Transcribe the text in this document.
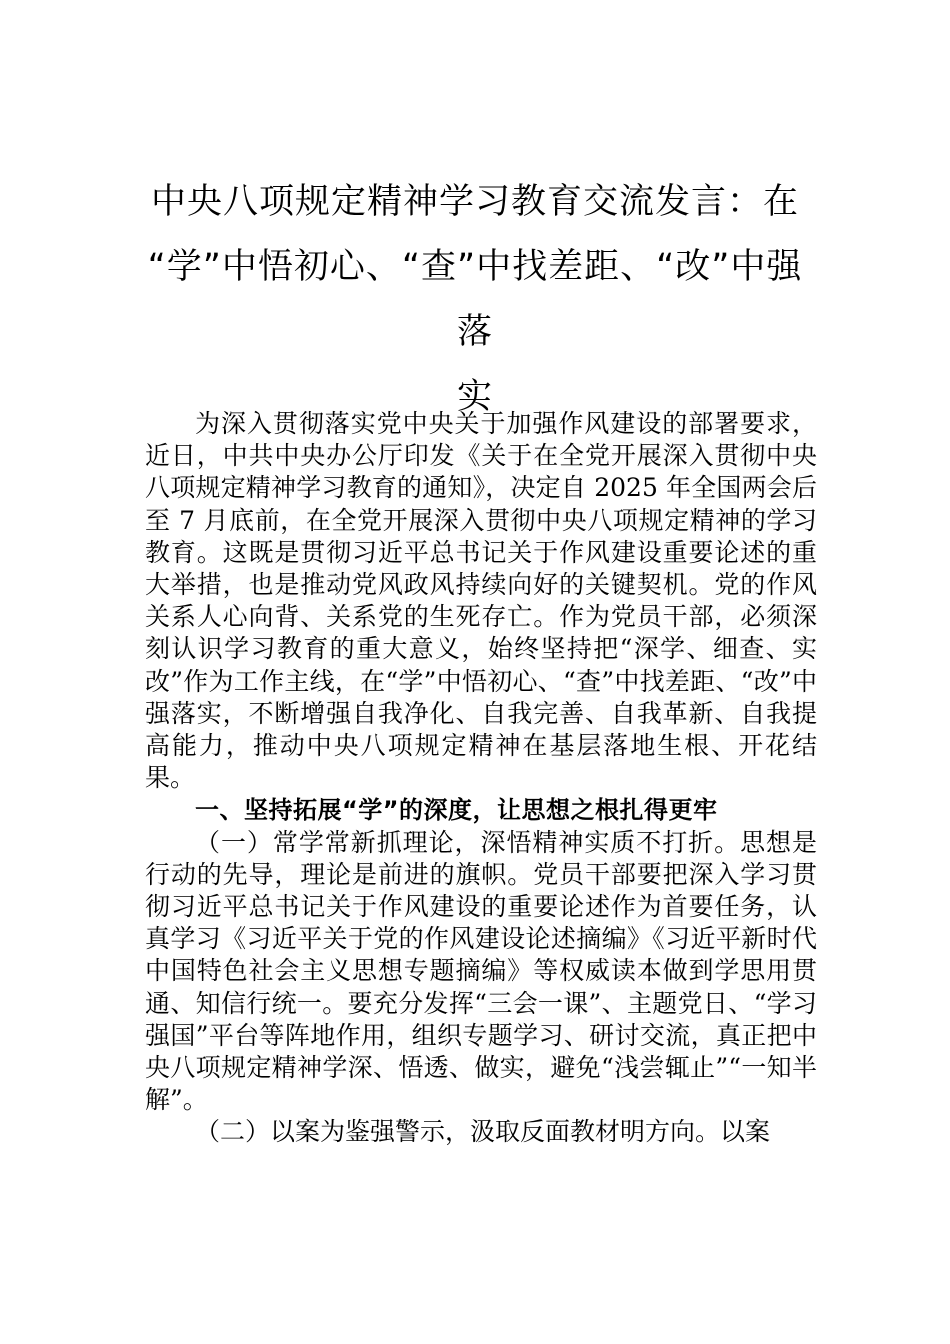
中央八项规定精神学习教育交流发言：在
“学”中悟初心、“查”中找差距、“改”中强落
实

为深入贯彻落实党中央关于加强作风建设的部署要求，近日，中共中央办公厅印发《关于在全党开展深入贯彻中央八项规定精神学习教育的通知》，决定自 2025 年全国两会后至 7 月底前，在全党开展深入贯彻中央八项规定精神的学习教育。这既是贯彻习近平总书记关于作风建设重要论述的重大举措，也是推动党风政风持续向好的关键契机。党的作风关系人心向背、关系党的生死存亡。作为党员干部，必须深刻认识学习教育的重大意义，始终坚持把“深学、细查、实改”作为工作主线，在“学”中悟初心、“查”中找差距、“改”中强落实，不断增强自我净化、自我完善、自我革新、自我提高能力，推动中央八项规定精神在基层落地生根、开花结果。

一、坚持拓展“学”的深度，让思想之根扎得更牢

（一）常学常新抓理论，深悟精神实质不打折。思想是行动的先导，理论是前进的旗帜。党员干部要把深入学习贯彻习近平总书记关于作风建设的重要论述作为首要任务，认真学习《习近平关于党的作风建设论述摘编》《习近平新时代中国特色社会主义思想专题摘编》等权威读本做到学思用贯通、知信行统一。要充分发挥“三会一课”、主题党日、“学习强国”平台等阵地作用，组织专题学习、研讨交流，真正把中央八项规定精神学深、悟透、做实，避免“浅尝辄止”“一知半解”。

（二）以案为鉴强警示，汲取反面教材明方向。以案
